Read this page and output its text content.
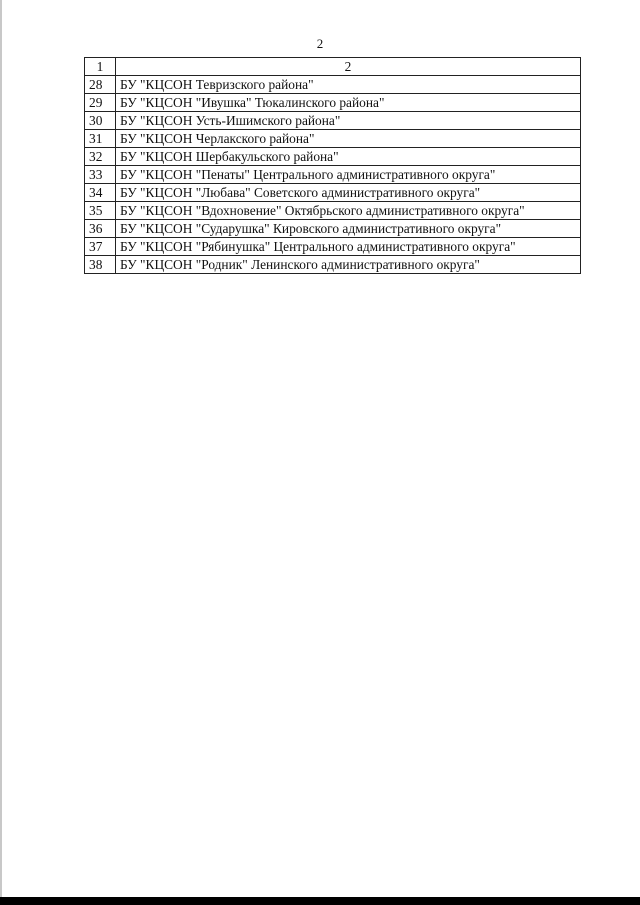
2
1	2
28	БУ "КЦСОН Тевризского района"
29	БУ "КЦСОН "Ивушка" Тюкалинского района"
30	БУ "КЦСОН Усть-Ишимского района"
31	БУ "КЦСОН Черлакского района"
32	БУ "КЦСОН Шербакульского района"
33	БУ "КЦСОН "Пенаты" Центрального административного округа"
34	БУ "КЦСОН "Любава" Советского административного округа"
35	БУ "КЦСОН "Вдохновение" Октябрьского административного округа"
36	БУ "КЦСОН "Сударушка" Кировского административного округа"
37	БУ "КЦСОН "Рябинушка" Центрального административного округа"
38	БУ "КЦСОН "Родник" Ленинского административного округа"
